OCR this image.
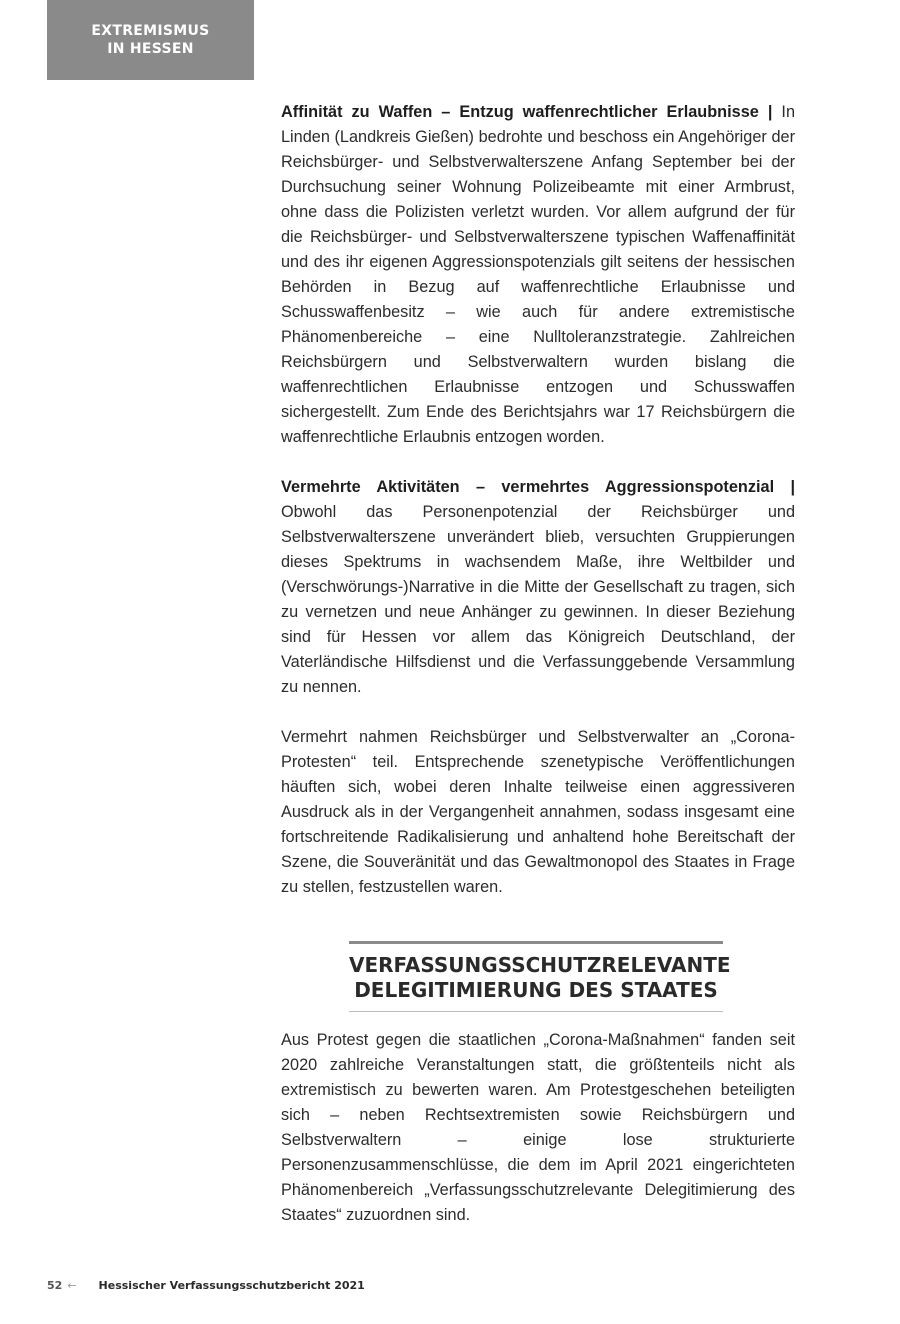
EXTREMISMUS
IN HESSEN

Affinität zu Waffen – Entzug waffenrechtlicher Erlaubnisse | In Linden (Landkreis Gießen) bedrohte und beschoss ein Angehöriger der Reichsbürger- und Selbstverwalterszene Anfang September bei der Durchsuchung seiner Wohnung Polizeibeamte mit einer Armbrust, ohne dass die Polizisten verletzt wurden. Vor allem aufgrund der für die Reichsbürger- und Selbstverwalterszene typischen Waffenaffinität und des ihr eigenen Aggressionspotenzials gilt seitens der hessischen Behörden in Bezug auf waffenrechtliche Erlaubnisse und Schusswaffenbesitz – wie auch für andere extremistische Phänomenbereiche – eine Nulltoleranzstrategie. Zahlreichen Reichsbürgern und Selbstverwaltern wurden bislang die waffenrechtlichen Erlaubnisse entzogen und Schusswaffen sichergestellt. Zum Ende des Berichtsjahrs war 17 Reichsbürgern die waffenrechtliche Erlaubnis entzogen worden.

Vermehrte Aktivitäten – vermehrtes Aggressionspotenzial | Obwohl das Personenpotenzial der Reichsbürger und Selbstverwalterszene unverändert blieb, versuchten Gruppierungen dieses Spektrums in wachsendem Maße, ihre Weltbilder und (Verschwörungs-)Narrative in die Mitte der Gesellschaft zu tragen, sich zu vernetzen und neue Anhänger zu gewinnen. In dieser Beziehung sind für Hessen vor allem das Königreich Deutschland, der Vaterländische Hilfsdienst und die Verfassunggebende Versammlung zu nennen.

Vermehrt nahmen Reichsbürger und Selbstverwalter an „Corona-Protesten“ teil. Entsprechende szenetypische Veröffentlichungen häuften sich, wobei deren Inhalte teilweise einen aggressiveren Ausdruck als in der Vergangenheit annahmen, sodass insgesamt eine fortschreitende Radikalisierung und anhaltend hohe Bereitschaft der Szene, die Souveränität und das Gewaltmonopol des Staates in Frage zu stellen, festzustellen waren.

VERFASSUNGSSCHUTZRELEVANTE
DELEGITIMIERUNG DES STAATES

Aus Protest gegen die staatlichen „Corona-Maßnahmen“ fanden seit 2020 zahlreiche Veranstaltungen statt, die größtenteils nicht als extremistisch zu bewerten waren. Am Protestgeschehen beteiligten sich – neben Rechtsextremisten sowie Reichsbürgern und Selbstverwaltern – einige lose strukturierte Personenzusammenschlüsse, die dem im April 2021 eingerichteten Phänomenbereich „Verfassungsschutzrelevante Delegitimierung des Staates“ zuzuordnen sind.

52 ← Hessischer Verfassungsschutzbericht 2021
